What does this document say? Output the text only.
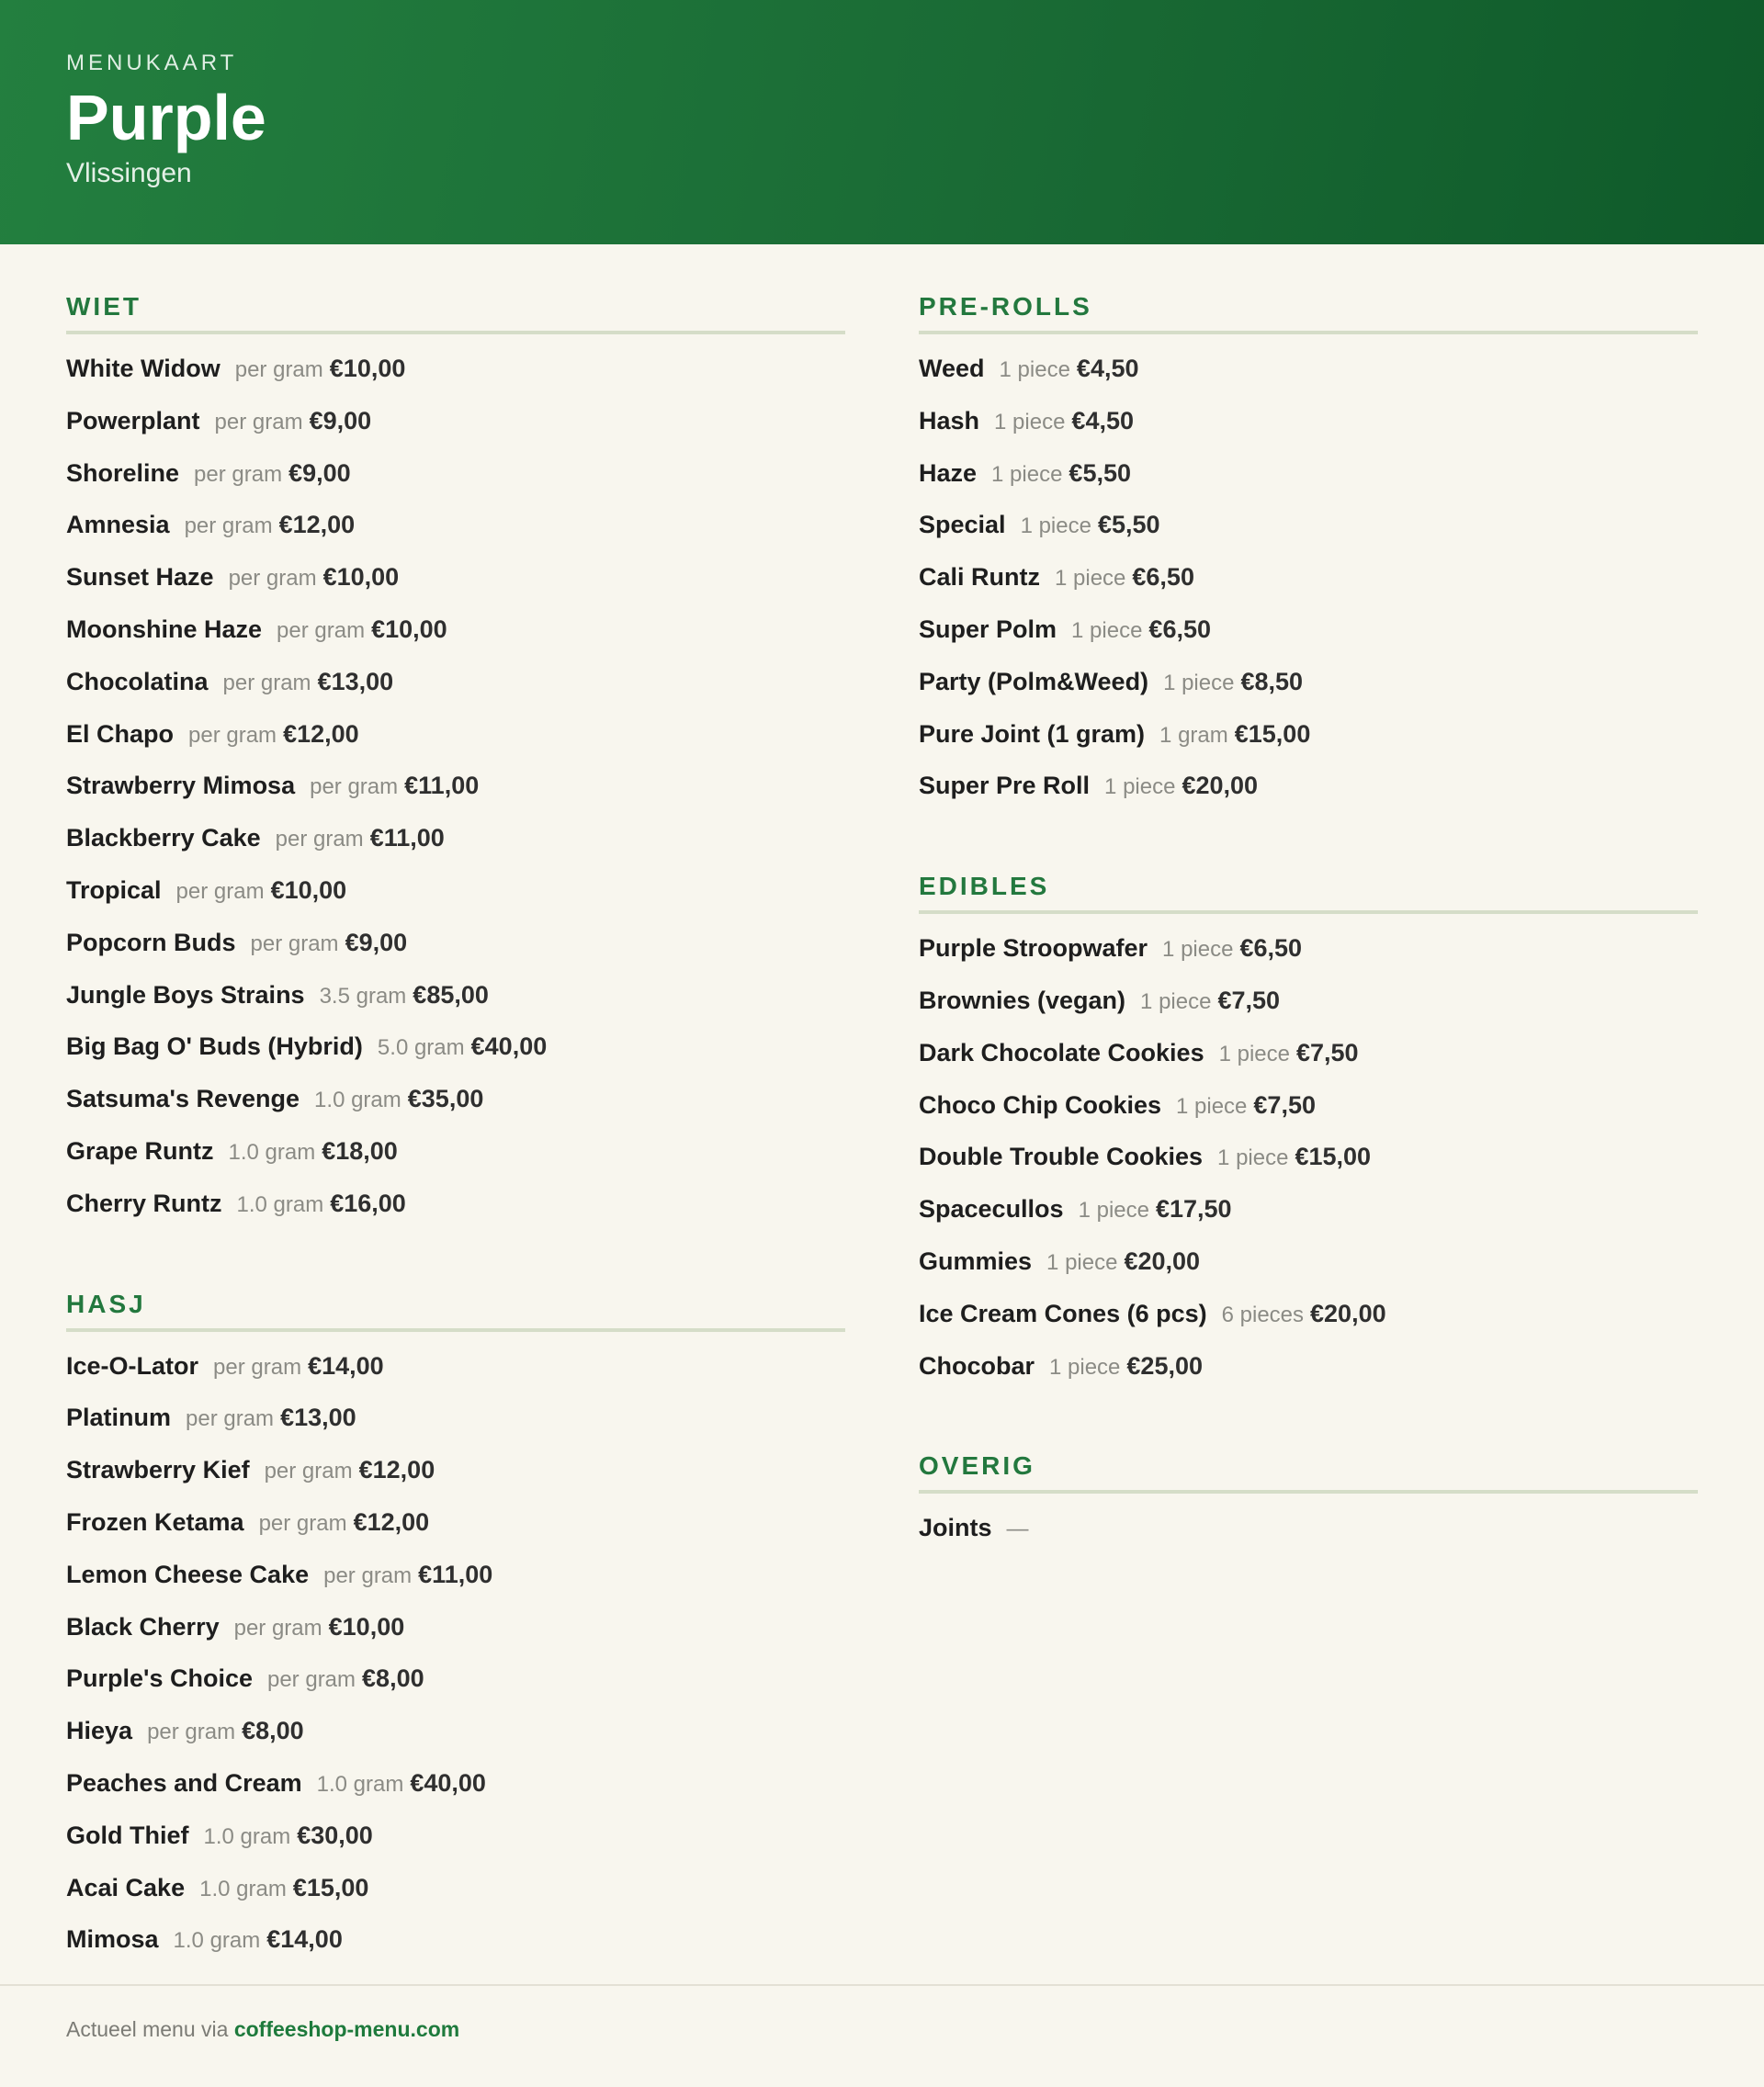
MENUKAART
Purple
Vlissingen
WIET
White Widow per gram €10,00
Powerplant per gram €9,00
Shoreline per gram €9,00
Amnesia per gram €12,00
Sunset Haze per gram €10,00
Moonshine Haze per gram €10,00
Chocolatina per gram €13,00
El Chapo per gram €12,00
Strawberry Mimosa per gram €11,00
Blackberry Cake per gram €11,00
Tropical per gram €10,00
Popcorn Buds per gram €9,00
Jungle Boys Strains 3.5 gram €85,00
Big Bag O' Buds (Hybrid) 5.0 gram €40,00
Satsuma's Revenge 1.0 gram €35,00
Grape Runtz 1.0 gram €18,00
Cherry Runtz 1.0 gram €16,00
HASJ
Ice-O-Lator per gram €14,00
Platinum per gram €13,00
Strawberry Kief per gram €12,00
Frozen Ketama per gram €12,00
Lemon Cheese Cake per gram €11,00
Black Cherry per gram €10,00
Purple's Choice per gram €8,00
Hieya per gram €8,00
Peaches and Cream 1.0 gram €40,00
Gold Thief 1.0 gram €30,00
Acai Cake 1.0 gram €15,00
Mimosa 1.0 gram €14,00
PRE-ROLLS
Weed 1 piece €4,50
Hash 1 piece €4,50
Haze 1 piece €5,50
Special 1 piece €5,50
Cali Runtz 1 piece €6,50
Super Polm 1 piece €6,50
Party (Polm&Weed) 1 piece €8,50
Pure Joint (1 gram) 1 gram €15,00
Super Pre Roll 1 piece €20,00
EDIBLES
Purple Stroopwafer 1 piece €6,50
Brownies (vegan) 1 piece €7,50
Dark Chocolate Cookies 1 piece €7,50
Choco Chip Cookies 1 piece €7,50
Double Trouble Cookies 1 piece €15,00
Spacecullos 1 piece €17,50
Gummies 1 piece €20,00
Ice Cream Cones (6 pcs) 6 pieces €20,00
Chocobar 1 piece €25,00
OVERIG
Joints —
Actueel menu via coffeeshop-menu.com
